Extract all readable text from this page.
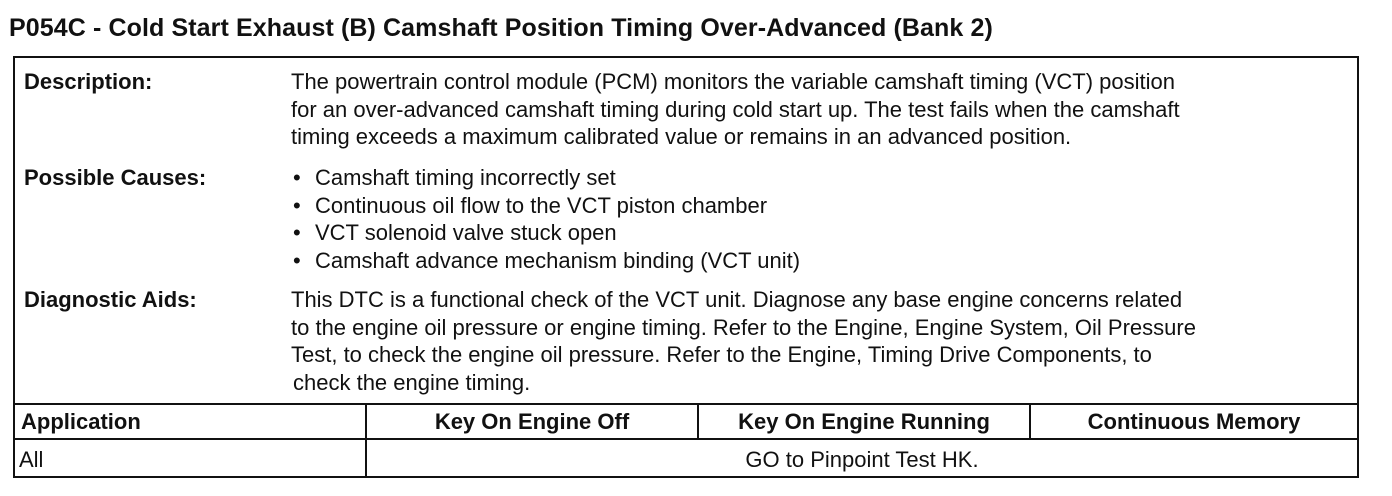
P054C - Cold Start Exhaust (B) Camshaft Position Timing Over-Advanced (Bank 2)
Description:	The powertrain control module (PCM) monitors the variable camshaft timing (VCT) position
for an over-advanced camshaft timing during cold start up. The test fails when the camshaft
timing exceeds a maximum calibrated value or remains in an advanced position.
Possible Causes:	• Camshaft timing incorrectly set
• Continuous oil flow to the VCT piston chamber
• VCT solenoid valve stuck open
• Camshaft advance mechanism binding (VCT unit)
Diagnostic Aids:	This DTC is a functional check of the VCT unit. Diagnose any base engine concerns related
to the engine oil pressure or engine timing. Refer to the Engine, Engine System, Oil Pressure
Test, to check the engine oil pressure. Refer to the Engine, Timing Drive Components, to
check the engine timing.
Application	Key On Engine Off	Key On Engine Running	Continuous Memory
All	GO to Pinpoint Test HK.
